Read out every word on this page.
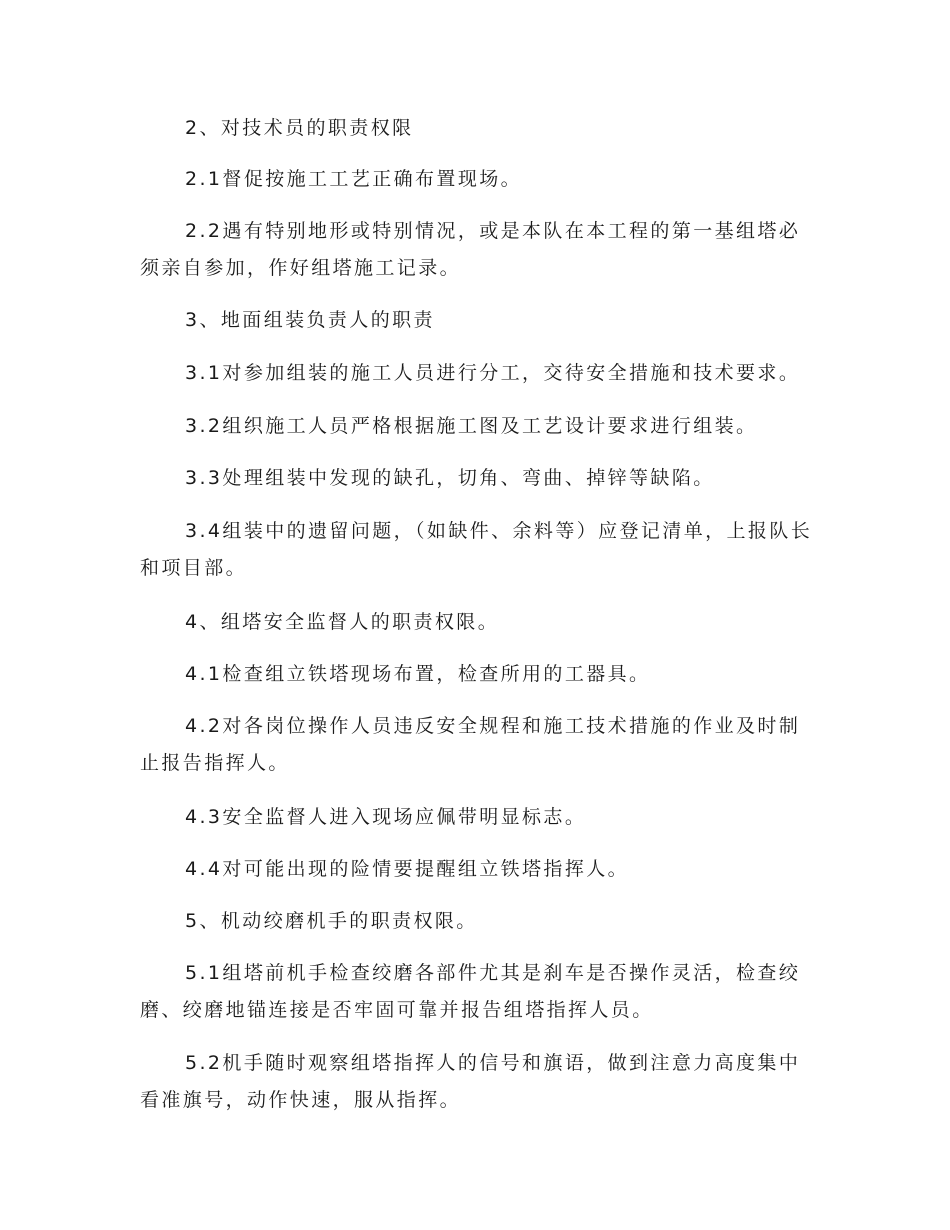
2、对技术员的职责权限

2.1督促按施工工艺正确布置现场。

2.2遇有特别地形或特别情况，或是本队在本工程的第一基组塔必须亲自参加，作好组塔施工记录。

3、地面组装负责人的职责

3.1对参加组装的施工人员进行分工，交待安全措施和技术要求。

3.2组织施工人员严格根据施工图及工艺设计要求进行组装。

3.3处理组装中发现的缺孔，切角、弯曲、掉锌等缺陷。

3.4组装中的遗留问题，（如缺件、余料等）应登记清单，上报队长和项目部。

4、组塔安全监督人的职责权限。

4.1检查组立铁塔现场布置，检查所用的工器具。

4.2对各岗位操作人员违反安全规程和施工技术措施的作业及时制止报告指挥人。

4.3安全监督人进入现场应佩带明显标志。

4.4对可能出现的险情要提醒组立铁塔指挥人。

5、机动绞磨机手的职责权限。

5.1组塔前机手检查绞磨各部件尤其是刹车是否操作灵活，检查绞磨、绞磨地锚连接是否牢固可靠并报告组塔指挥人员。

5.2机手随时观察组塔指挥人的信号和旗语，做到注意力高度集中看准旗号，动作快速，服从指挥。
